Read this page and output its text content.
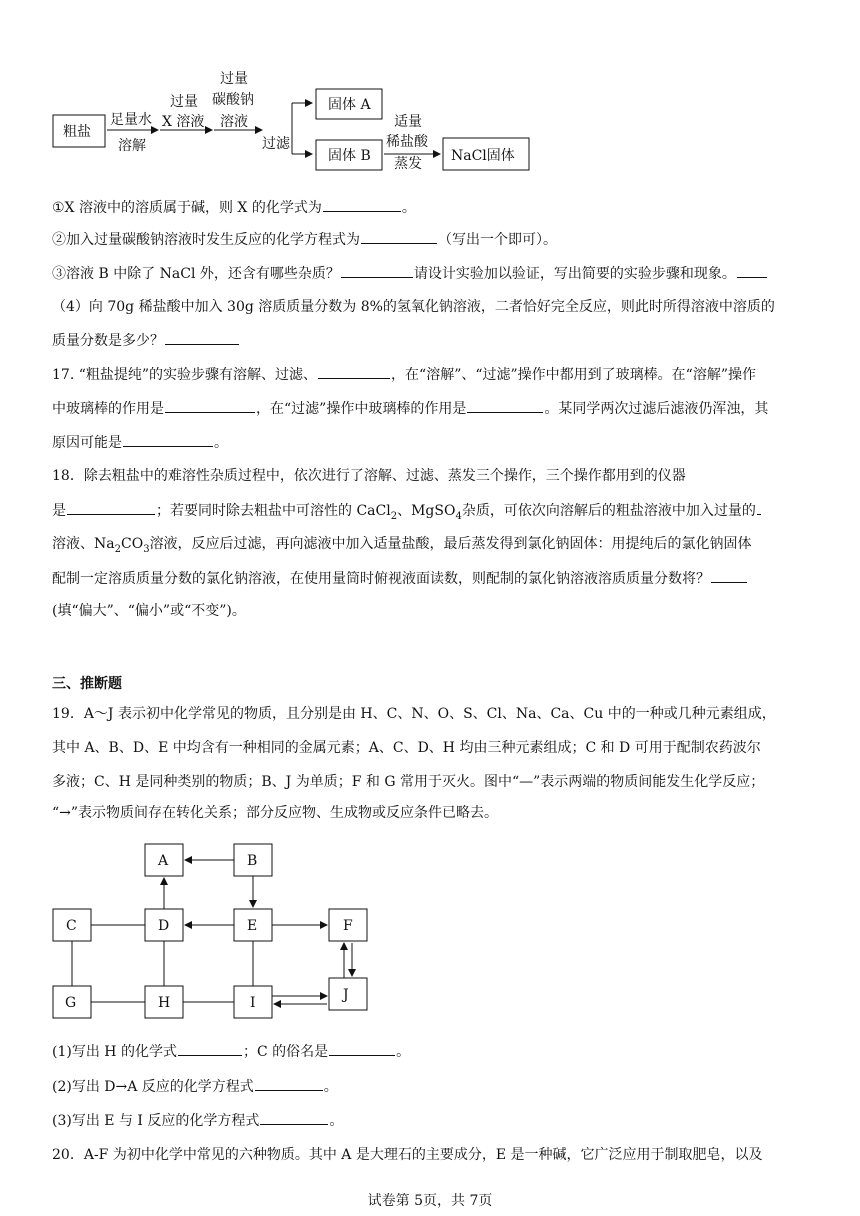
粗盐
足量水
溶解
过量
X 溶液
过量
碳酸钠
溶液
过滤
固体 A
固体 B
适量
稀盐酸
蒸发 NaCl固体
①X 溶液中的溶质属于碱，则 X 的化学式为	。
②加入过量碳酸钠溶液时发生反应的化学方程式为	（写出一个即可）。
③溶液 B 中除了 NaCl 外，还含有哪些杂质？	请设计实验加以验证，写出简要的实验步骤和现象。
（4）向 70g 稀盐酸中加入 30g 溶质质量分数为 8%的氢氧化钠溶液，二者恰好完全反应，则此时所得溶液中溶质的
质量分数是多少？
17. “粗盐提纯”的实验步骤有溶解、过滤、	，在“溶解”、“过滤”操作中都用到了玻璃棒。在“溶解”操作
中玻璃棒的作用是	，在“过滤”操作中玻璃棒的作用是	。某同学两次过滤后滤液仍浑浊，其
原因可能是	。
18．除去粗盐中的难溶性杂质过程中，依次进行了溶解、过滤、蒸发三个操作，三个操作都用到的仪器
是	；若要同时除去粗盐中可溶性的 CaCl$_2$、MgSO$_4$杂质，可依次向溶解后的粗盐溶液中加入过量的
溶液、$Na_2CO_3$溶液，反应后过滤，再向滤液中加入适量盐酸，最后蒸发得到氯化钠固体：用提纯后的氯化钠固体
配制一定溶质质量分数的氯化钠溶液，在使用量筒时俯视液面读数，则配制的氯化钠溶液溶质质量分数将？
(填“偏大”、“偏小”或“不变”)。
三、推断题
19．A～J 表示初中化学常见的物质，且分别是由 H、C、N、O、S、Cl、Na、Ca、Cu 中的一种或几种元素组成，
其中 A、B、D、E 中均含有一种相同的金属元素；A、C、D、H 均由三种元素组成；C 和 D 可用于配制农药波尔
多液；C、H 是同种类别的物质；B、J 为单质；F 和 G 常用于灭火。图中“—”表示两端的物质间能发生化学反应；
“→”表示物质间存在转化关系；部分反应物、生成物或反应条件已略去。
A	B
C	D	E	F
G	H	I	J
(1)写出 H 的化学式	；C 的俗名是	。
(2)写出 D→A 反应的化学方程式	。
(3)写出 E 与 I 反应的化学方程式	。
20．A-F 为初中化学中常见的六种物质。其中 A 是大理石的主要成分，E 是一种碱，它广泛应用于制取肥皂，以及
试卷第 5页，共 7页
